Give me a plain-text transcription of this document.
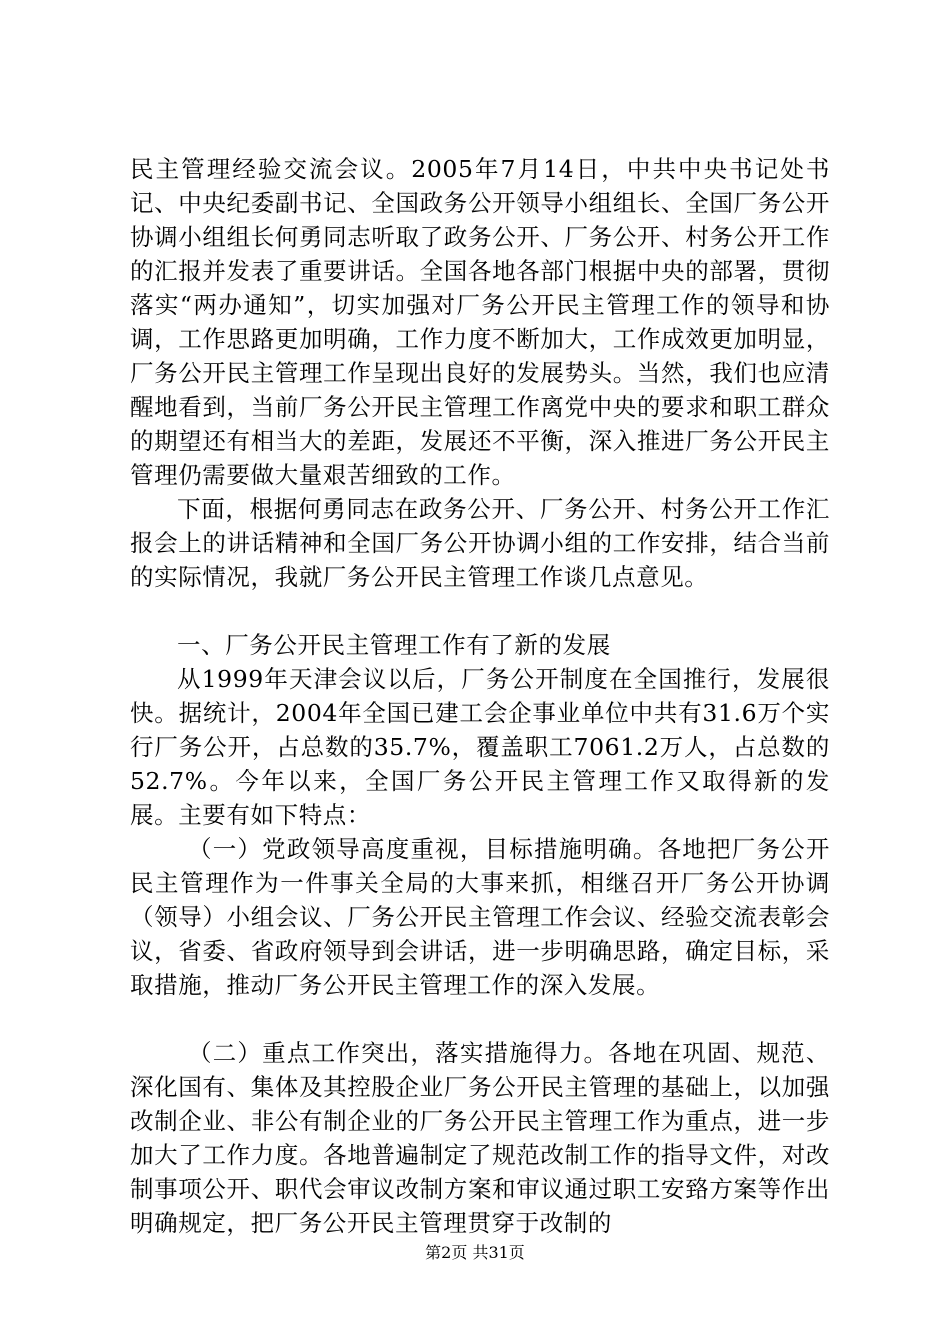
民主管理经验交流会议。2005年7月14日，中共中央书记处书记、中央纪委副书记、全国政务公开领导小组组长、全国厂务公开协调小组组长何勇同志听取了政务公开、厂务公开、村务公开工作的汇报并发表了重要讲话。全国各地各部门根据中央的部署，贯彻落实“两办通知”，切实加强对厂务公开民主管理工作的领导和协调，工作思路更加明确，工作力度不断加大，工作成效更加明显，厂务公开民主管理工作呈现出良好的发展势头。当然，我们也应清醒地看到，当前厂务公开民主管理工作离党中央的要求和职工群众的期望还有相当大的差距，发展还不平衡，深入推进厂务公开民主管理仍需要做大量艰苦细致的工作。

下面，根据何勇同志在政务公开、厂务公开、村务公开工作汇报会上的讲话精神和全国厂务公开协调小组的工作安排，结合当前的实际情况，我就厂务公开民主管理工作谈几点意见。

一、厂务公开民主管理工作有了新的发展

从1999年天津会议以后，厂务公开制度在全国推行，发展很快。据统计，2004年全国已建工会企事业单位中共有31.6万个实行厂务公开，占总数的35.7%，覆盖职工7061.2万人，占总数的52.7%。今年以来，全国厂务公开民主管理工作又取得新的发展。主要有如下特点：

（一）党政领导高度重视，目标措施明确。各地把厂务公开民主管理作为一件事关全局的大事来抓，相继召开厂务公开协调（领导）小组会议、厂务公开民主管理工作会议、经验交流表彰会议，省委、省政府领导到会讲话，进一步明确思路，确定目标，采取措施，推动厂务公开民主管理工作的深入发展。

（二）重点工作突出，落实措施得力。各地在巩固、规范、深化国有、集体及其控股企业厂务公开民主管理的基础上，以加强改制企业、非公有制企业的厂务公开民主管理工作为重点，进一步加大了工作力度。各地普遍制定了规范改制工作的指导文件，对改制事项公开、职代会审议改制方案和审议通过职工安臵方案等作出明确规定，把厂务公开民主管理贯穿于改制的

第2页 共31页
